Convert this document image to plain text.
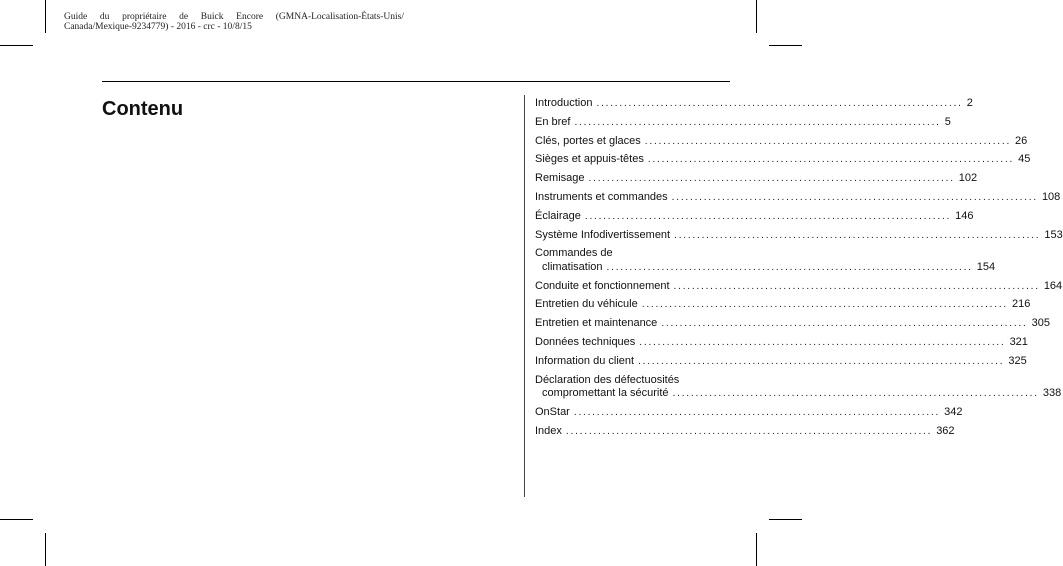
Guide du propriétaire de Buick Encore (GMNA-Localisation-États-Unis/
Canada/Mexique-9234779) - 2016 - crc - 10/8/15
Contenu	Introduction ................................................................................ 2
En bref ................................................................................ 5
Clés, portes et glaces ................................................................................ 26
Sièges et appuis-têtes ................................................................................ 45
Remisage ................................................................................ 102
Instruments et commandes ................................................................................ 108
Éclairage ................................................................................ 146
Système Infodivertissement ................................................................................ 153
Commandes de
climatisation ................................................................................ 154
Conduite et fonctionnement ................................................................................ 164
Entretien du véhicule ................................................................................ 216
Entretien et maintenance ................................................................................ 305
Données techniques ................................................................................ 321
Information du client ................................................................................ 325
Déclaration des défectuosités
compromettant la sécurité ................................................................................ 338
OnStar ................................................................................ 342
Index ................................................................................ 362
